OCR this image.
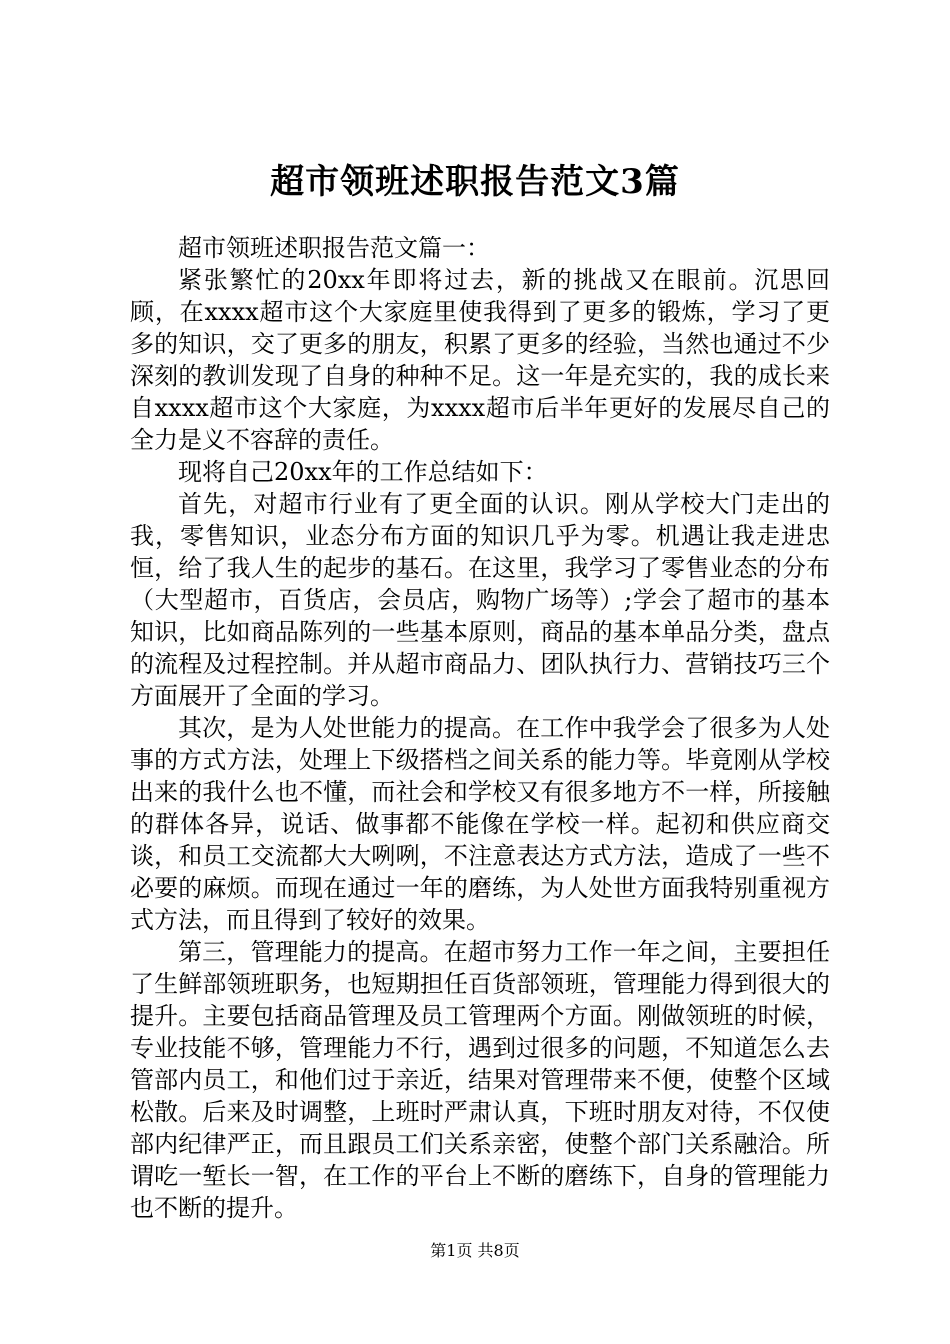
超市领班述职报告范文3篇

超市领班述职报告范文篇一：

紧张繁忙的20xx年即将过去，新的挑战又在眼前。沉思回顾，在xxxx超市这个大家庭里使我得到了更多的锻炼，学习了更多的知识，交了更多的朋友，积累了更多的经验，当然也通过不少深刻的教训发现了自身的种种不足。这一年是充实的，我的成长来自xxxx超市这个大家庭，为xxxx超市后半年更好的发展尽自己的全力是义不容辞的责任。

现将自己20xx年的工作总结如下：

首先，对超市行业有了更全面的认识。刚从学校大门走出的我，零售知识，业态分布方面的知识几乎为零。机遇让我走进忠恒，给了我人生的起步的基石。在这里，我学习了零售业态的分布（大型超市，百货店，会员店，购物广场等）;学会了超市的基本知识，比如商品陈列的一些基本原则，商品的基本单品分类，盘点的流程及过程控制。并从超市商品力、团队执行力、营销技巧三个方面展开了全面的学习。

其次，是为人处世能力的提高。在工作中我学会了很多为人处事的方式方法，处理上下级搭档之间关系的能力等。毕竟刚从学校出来的我什么也不懂，而社会和学校又有很多地方不一样，所接触的群体各异，说话、做事都不能像在学校一样。起初和供应商交谈，和员工交流都大大咧咧，不注意表达方式方法，造成了一些不必要的麻烦。而现在通过一年的磨练，为人处世方面我特别重视方式方法，而且得到了较好的效果。

第三，管理能力的提高。在超市努力工作一年之间，主要担任了生鲜部领班职务，也短期担任百货部领班，管理能力得到很大的提升。主要包括商品管理及员工管理两个方面。刚做领班的时候，专业技能不够，管理能力不行，遇到过很多的问题，不知道怎么去管部内员工，和他们过于亲近，结果对管理带来不便，使整个区域松散。后来及时调整，上班时严肃认真，下班时朋友对待，不仅使部内纪律严正，而且跟员工们关系亲密，使整个部门关系融洽。所谓吃一堑长一智，在工作的平台上不断的磨练下，自身的管理能力也不断的提升。

第1页 共8页
